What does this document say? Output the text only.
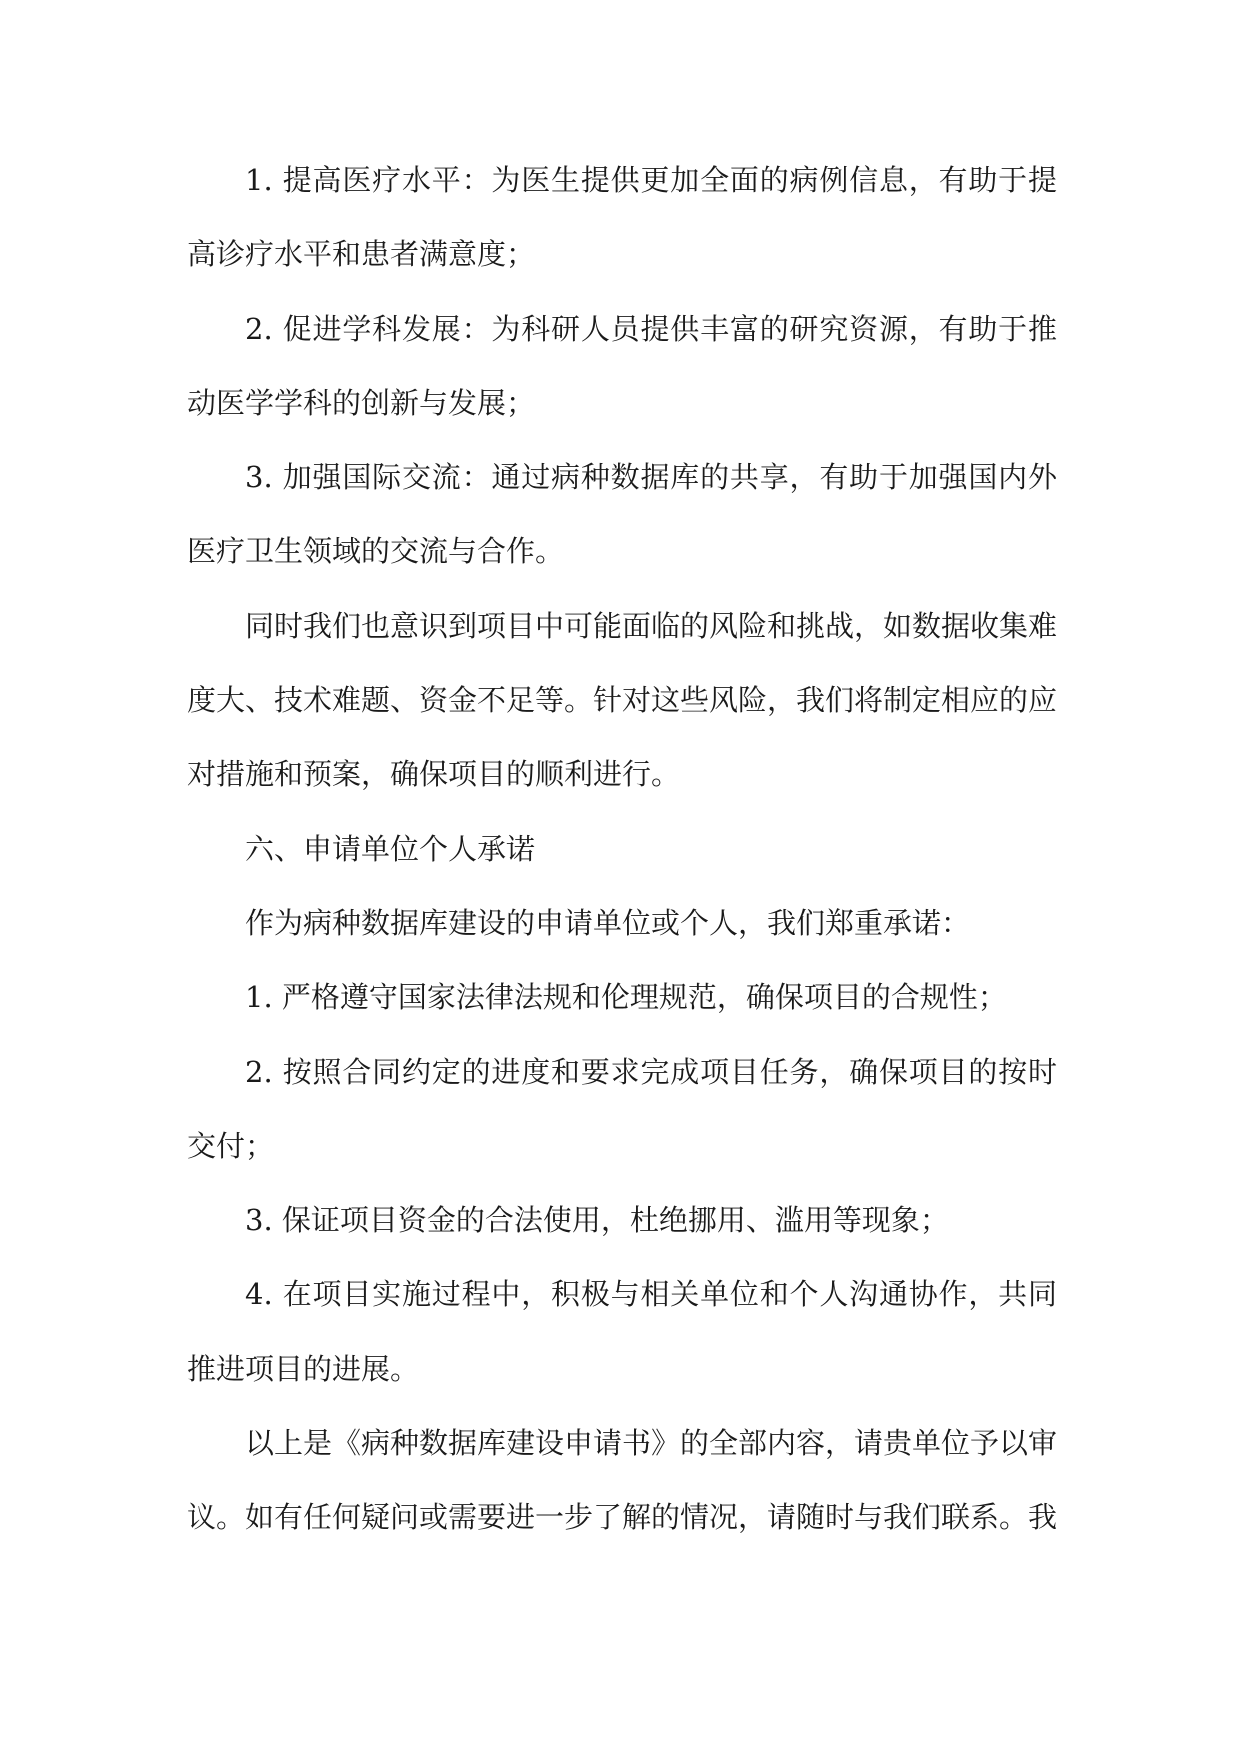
1. 提高医疗水平：为医生提供更加全面的病例信息，有助于提高诊疗水平和患者满意度；

2. 促进学科发展：为科研人员提供丰富的研究资源，有助于推动医学学科的创新与发展；

3. 加强国际交流：通过病种数据库的共享，有助于加强国内外医疗卫生领域的交流与合作。

同时我们也意识到项目中可能面临的风险和挑战，如数据收集难度大、技术难题、资金不足等。针对这些风险，我们将制定相应的应对措施和预案，确保项目的顺利进行。

六、申请单位个人承诺

作为病种数据库建设的申请单位或个人，我们郑重承诺：

1. 严格遵守国家法律法规和伦理规范，确保项目的合规性；

2. 按照合同约定的进度和要求完成项目任务，确保项目的按时交付；

3. 保证项目资金的合法使用，杜绝挪用、滥用等现象；

4. 在项目实施过程中，积极与相关单位和个人沟通协作，共同推进项目的进展。

以上是《病种数据库建设申请书》的全部内容，请贵单位予以审议。如有任何疑问或需要进一步了解的情况，请随时与我们联系。我
